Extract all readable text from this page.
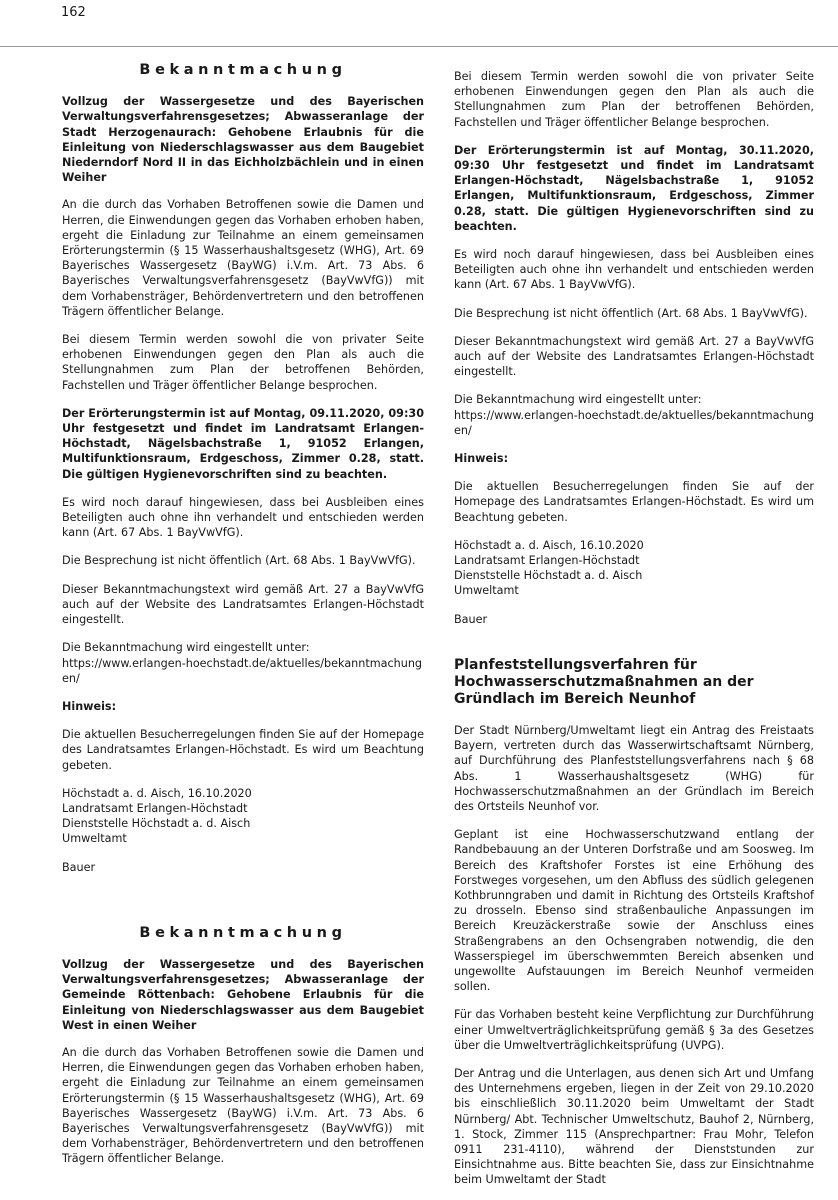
162
Bekanntmachung
Vollzug der Wassergesetze und des Bayerischen Verwaltungsverfahrensgesetzes; Abwasseranlage der Stadt Herzogenaurach: Gehobene Erlaubnis für die Einleitung von Niederschlagswasser aus dem Baugebiet Niederndorf Nord II in das Eichholzbächlein und in einen Weiher

An die durch das Vorhaben Betroffenen sowie die Damen und Herren, die Einwendungen gegen das Vorhaben erhoben haben, ergeht die Einladung zur Teilnahme an einem gemeinsamen Erörterungstermin (§ 15 Wasserhaushaltsgesetz (WHG), Art. 69 Bayerisches Wassergesetz (BayWG) i.V.m. Art. 73 Abs. 6 Bayerisches Verwaltungsverfahrensgesetz (BayVwVfG)) mit dem Vorhabensträger, Behördenvertretern und den betroffenen Trägern öffentlicher Belange.

Bei diesem Termin werden sowohl die von privater Seite erhobenen Einwendungen gegen den Plan als auch die Stellungnahmen zum Plan der betroffenen Behörden, Fachstellen und Träger öffentlicher Belange besprochen.

Der Erörterungstermin ist auf Montag, 09.11.2020, 09:30 Uhr festgesetzt und findet im Landratsamt Erlangen-Höchstadt, Nägelsbachstraße 1, 91052 Erlangen, Multifunktionsraum, Erdgeschoss, Zimmer 0.28, statt. Die gültigen Hygienevorschriften sind zu beachten.

Es wird noch darauf hingewiesen, dass bei Ausbleiben eines Beteiligten auch ohne ihn verhandelt und entschieden werden kann (Art. 67 Abs. 1 BayVwVfG).

Die Besprechung ist nicht öffentlich (Art. 68 Abs. 1 BayVwVfG).

Dieser Bekanntmachungstext wird gemäß Art. 27 a BayVwVfG auch auf der Website des Landratsamtes Erlangen-Höchstadt eingestellt.

Die Bekanntmachung wird eingestellt unter:
https://www.erlangen-hoechstadt.de/aktuelles/bekanntmachungen/

Hinweis:

Die aktuellen Besucherregelungen finden Sie auf der Homepage des Landratsamtes Erlangen-Höchstadt. Es wird um Beachtung gebeten.

Höchstadt a. d. Aisch, 16.10.2020
Landratsamt Erlangen-Höchstadt
Dienststelle Höchstadt a. d. Aisch
Umweltamt

Bauer

Bekanntmachung
Vollzug der Wassergesetze und des Bayerischen Verwaltungsverfahrensgesetzes; Abwasseranlage der Gemeinde Röttenbach: Gehobene Erlaubnis für die Einleitung von Niederschlagswasser aus dem Baugebiet West in einen Weiher

An die durch das Vorhaben Betroffenen sowie die Damen und Herren, die Einwendungen gegen das Vorhaben erhoben haben, ergeht die Einladung zur Teilnahme an einem gemeinsamen Erörterungstermin (§ 15 Wasserhaushaltsgesetz (WHG), Art. 69 Bayerisches Wassergesetz (BayWG) i.V.m. Art. 73 Abs. 6 Bayerisches Verwaltungsverfahrensgesetz (BayVwVfG)) mit dem Vorhabensträger, Behördenvertretern und den betroffenen Trägern öffentlicher Belange.

Bei diesem Termin werden sowohl die von privater Seite erhobenen Einwendungen gegen den Plan als auch die Stellungnahmen zum Plan der betroffenen Behörden, Fachstellen und Träger öffentlicher Belange besprochen.

Der Erörterungstermin ist auf Montag, 30.11.2020, 09:30 Uhr festgesetzt und findet im Landratsamt Erlangen-Höchstadt, Nägelsbachstraße 1, 91052 Erlangen, Multifunktionsraum, Erdgeschoss, Zimmer 0.28, statt. Die gültigen Hygienevorschriften sind zu beachten.

Es wird noch darauf hingewiesen, dass bei Ausbleiben eines Beteiligten auch ohne ihn verhandelt und entschieden werden kann (Art. 67 Abs. 1 BayVwVfG).

Die Besprechung ist nicht öffentlich (Art. 68 Abs. 1 BayVwVfG).

Dieser Bekanntmachungstext wird gemäß Art. 27 a BayVwVfG auch auf der Website des Landratsamtes Erlangen-Höchstadt eingestellt.

Die Bekanntmachung wird eingestellt unter:
https://www.erlangen-hoechstadt.de/aktuelles/bekanntmachungen/

Hinweis:

Die aktuellen Besucherregelungen finden Sie auf der Homepage des Landratsamtes Erlangen-Höchstadt. Es wird um Beachtung gebeten.

Höchstadt a. d. Aisch, 16.10.2020
Landratsamt Erlangen-Höchstadt
Dienststelle Höchstadt a. d. Aisch
Umweltamt

Bauer

Planfeststellungsverfahren für Hochwasserschutzmaßnahmen an der Gründlach im Bereich Neunhof

Der Stadt Nürnberg/Umweltamt liegt ein Antrag des Freistaats Bayern, vertreten durch das Wasserwirtschaftsamt Nürnberg, auf Durchführung des Planfeststellungsverfahrens nach § 68 Abs. 1 Wasserhaushaltsgesetz (WHG) für Hochwasserschutzmaßnahmen an der Gründlach im Bereich des Ortsteils Neunhof vor.

Geplant ist eine Hochwasserschutzwand entlang der Randbebauung an der Unteren Dorfstraße und am Soosweg. Im Bereich des Kraftshofer Forstes ist eine Erhöhung des Forstweges vorgesehen, um den Abfluss des südlich gelegenen Kothbrunngraben und damit in Richtung des Ortsteils Kraftshof zu drosseln. Ebenso sind straßenbauliche Anpassungen im Bereich Kreuzäckerstraße sowie der Anschluss eines Straßengrabens an den Ochsengraben notwendig, die den Wasserspiegel im überschwemmten Bereich absenken und ungewollte Aufstauungen im Bereich Neunhof vermeiden sollen.

Für das Vorhaben besteht keine Verpflichtung zur Durchführung einer Umweltverträglichkeitsprüfung gemäß § 3a des Gesetzes über die Umweltverträglichkeitsprüfung (UVPG).

Der Antrag und die Unterlagen, aus denen sich Art und Umfang des Unternehmens ergeben, liegen in der Zeit von 29.10.2020 bis einschließlich 30.11.2020 beim Umweltamt der Stadt Nürnberg/ Abt. Technischer Umweltschutz, Bauhof 2, Nürnberg, 1. Stock, Zimmer 115 (Ansprechpartner: Frau Mohr, Telefon 0911 231-4110), während der Dienststunden zur Einsichtnahme aus. Bitte beachten Sie, dass zur Einsichtnahme beim Umweltamt der Stadt
